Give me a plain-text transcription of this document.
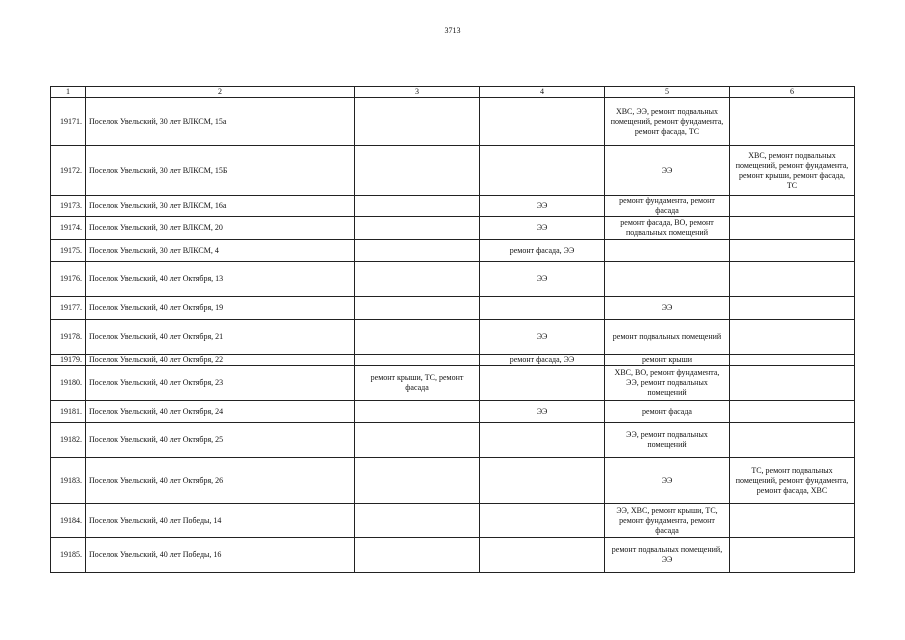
3713
1	2	3	4	5	6
19171.	Поселок Увельский, 30 лет ВЛКСМ, 15а			ХВС, ЭЭ, ремонт подвальных помещений, ремонт фундамента, ремонт фасада, ТС	
19172.	Поселок Увельский, 30 лет ВЛКСМ, 15Б			ЭЭ	ХВС, ремонт подвальных помещений, ремонт фундамента, ремонт крыши, ремонт фасада, ТС
19173.	Поселок Увельский, 30 лет ВЛКСМ, 16а		ЭЭ	ремонт фундамента, ремонт фасада	
19174.	Поселок Увельский, 30 лет ВЛКСМ, 20		ЭЭ	ремонт фасада, ВО, ремонт подвальных помещений	
19175.	Поселок Увельский, 30 лет ВЛКСМ, 4		ремонт фасада, ЭЭ		
19176.	Поселок Увельский, 40 лет Октября, 13		ЭЭ		
19177.	Поселок Увельский, 40 лет Октября, 19			ЭЭ	
19178.	Поселок Увельский, 40 лет Октября, 21		ЭЭ	ремонт подвальных помещений	
19179.	Поселок Увельский, 40 лет Октября, 22		ремонт фасада, ЭЭ	ремонт крыши	
19180.	Поселок Увельский, 40 лет Октября, 23	ремонт крыши, ТС, ремонт фасада		ХВС, ВО, ремонт фундамента, ЭЭ, ремонт подвальных помещений	
19181.	Поселок Увельский, 40 лет Октября, 24		ЭЭ	ремонт фасада	
19182.	Поселок Увельский, 40 лет Октября, 25			ЭЭ, ремонт подвальных помещений	
19183.	Поселок Увельский, 40 лет Октября, 26			ЭЭ	ТС, ремонт подвальных помещений, ремонт фундамента, ремонт фасада, ХВС
19184.	Поселок Увельский, 40 лет Победы, 14			ЭЭ, ХВС, ремонт крыши, ТС, ремонт фундамента, ремонт фасада	
19185.	Поселок Увельский, 40 лет Победы, 16			ремонт подвальных помещений, ЭЭ	
